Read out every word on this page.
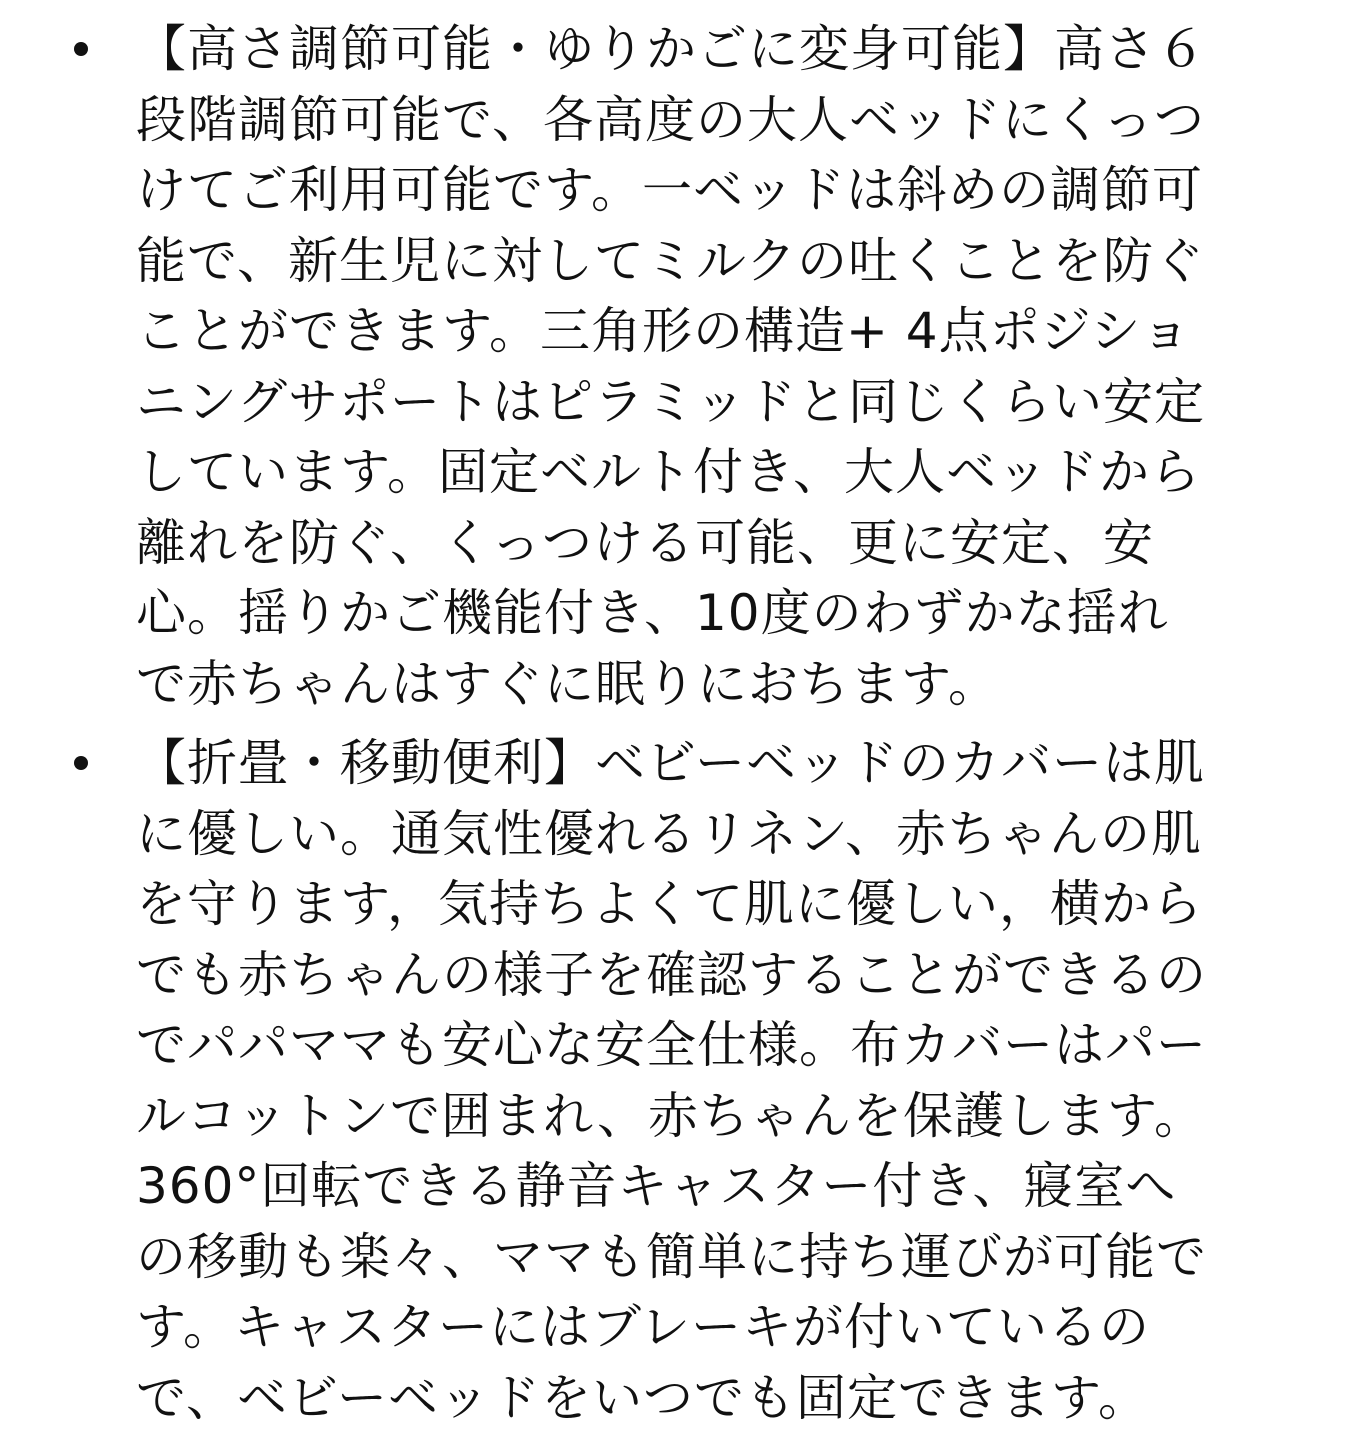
【高さ調節可能・ゆりかごに変身可能】高さ６
段階調節可能で、各高度の大人ベッドにくっつ
けてご利用可能です。一ベッドは斜めの調節可
能で、新生児に対してミルクの吐くことを防ぐ
ことができます。三角形の構造+ 4点ポジショ
ニングサポートはピラミッドと同じくらい安定
しています。固定ベルト付き、大人ベッドから
離れを防ぐ、くっつける可能、更に安定、安
心。揺りかご機能付き、10度のわずかな揺れ
で赤ちゃんはすぐに眠りにおちます。

【折畳・移動便利】ベビーベッドのカバーは肌
に優しい。通気性優れるリネン、赤ちゃんの肌
を守ります，気持ちよくて肌に優しい，横から
でも赤ちゃんの様子を確認することができるの
でパパママも安心な安全仕様。布カバーはパー
ルコットンで囲まれ、赤ちゃんを保護します。
360°回転できる静音キャスター付き、寢室へ
の移動も楽々、ママも簡単に持ち運びが可能で
す。キャスターにはブレーキが付いているの
で、ベビーベッドをいつでも固定できます。
